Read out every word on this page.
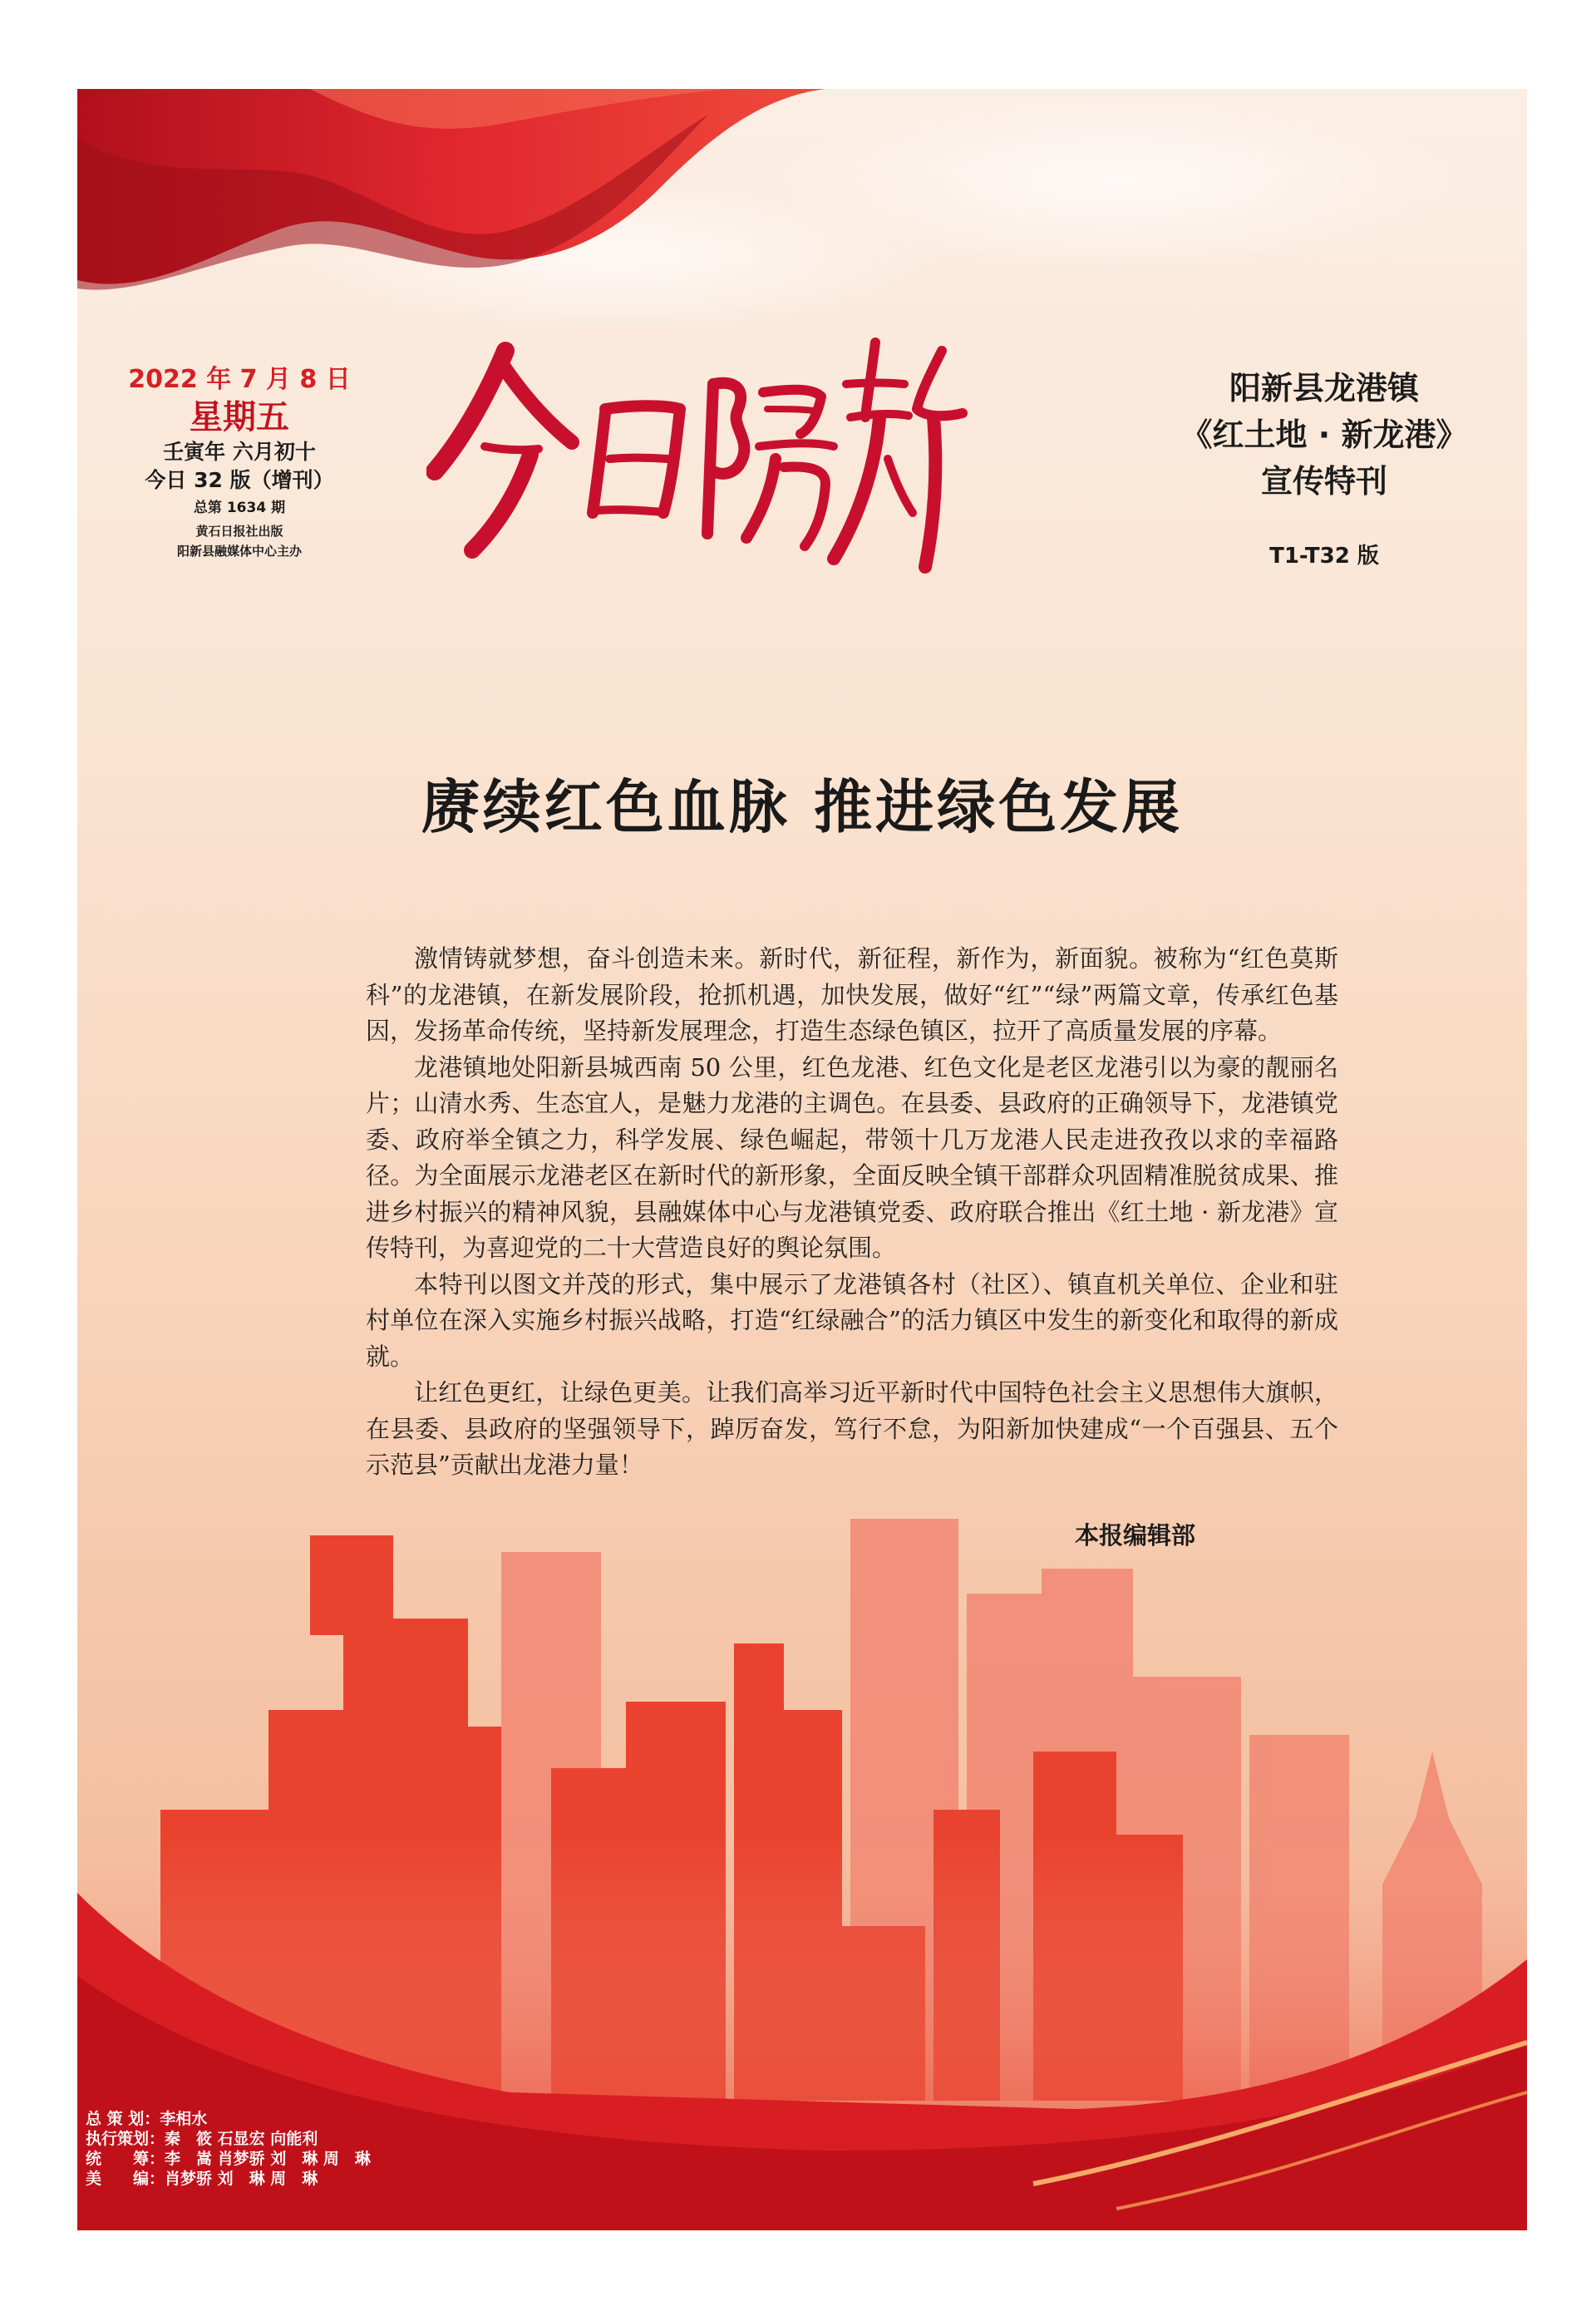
2022 年 7 月 8 日
星期五
壬寅年 六月初十
今日 32 版（增刊）
总第 1634 期
黄石日报社出版
阳新县融媒体中心主办
阳新县龙港镇
《红土地 · 新龙港》
宣传特刊
T1-T32 版
赓续红色血脉 推进绿色发展

激情铸就梦想，奋斗创造未来。新时代，新征程，新作为，新面貌。被称为“红色莫斯科”的龙港镇，在新发展阶段，抢抓机遇，加快发展，做好“红”“绿”两篇文章，传承红色基因，发扬革命传统，坚持新发展理念，打造生态绿色镇区，拉开了高质量发展的序幕。

龙港镇地处阳新县城西南 50 公里，红色龙港、红色文化是老区龙港引以为豪的靓丽名片；山清水秀、生态宜人，是魅力龙港的主调色。在县委、县政府的正确领导下，龙港镇党委、政府举全镇之力，科学发展、绿色崛起，带领十几万龙港人民走进孜孜以求的幸福路径。为全面展示龙港老区在新时代的新形象，全面反映全镇干部群众巩固精准脱贫成果、推进乡村振兴的精神风貌，县融媒体中心与龙港镇党委、政府联合推出《红土地 · 新龙港》宣传特刊，为喜迎党的二十大营造良好的舆论氛围。

本特刊以图文并茂的形式，集中展示了龙港镇各村（社区）、镇直机关单位、企业和驻村单位在深入实施乡村振兴战略，打造“红绿融合”的活力镇区中发生的新变化和取得的新成就。

让红色更红，让绿色更美。让我们高举习近平新时代中国特色社会主义思想伟大旗帜，在县委、县政府的坚强领导下，踔厉奋发，笃行不怠，为阳新加快建成“一个百强县、五个示范县”贡献出龙港力量！

本报编辑部
总 策 划：李相水
执行策划：秦　筱 石显宏 向能利
统　　筹：李　嵩 肖梦骄 刘　琳 周　琳
美　　编：肖梦骄 刘　琳 周　琳
